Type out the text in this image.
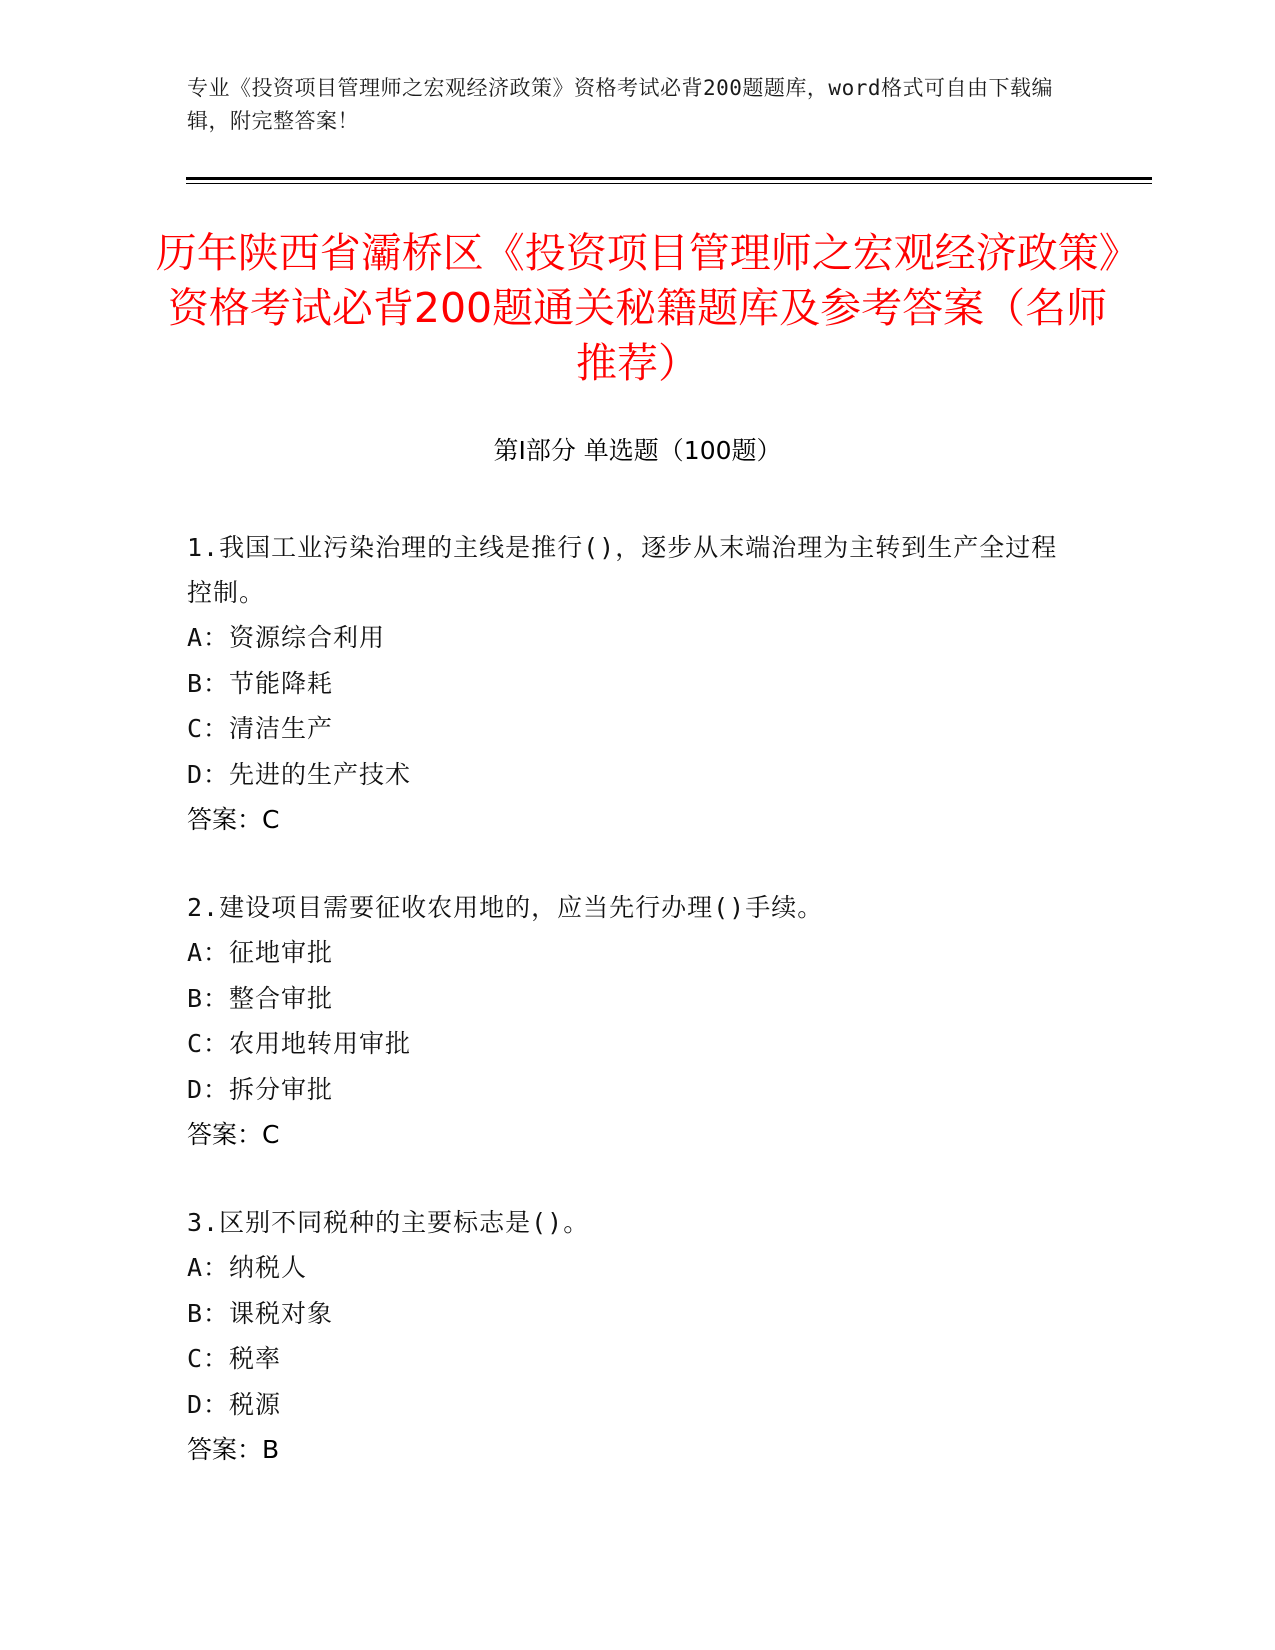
专业《投资项目管理师之宏观经济政策》资格考试必背200题题库，word格式可自由下载编辑，附完整答案！
历年陕西省灞桥区《投资项目管理师之宏观经济政策》资格考试必背200题通关秘籍题库及参考答案（名师推荐）
第Ⅰ部分 单选题（100题）
1.我国工业污染治理的主线是推行()，逐步从末端治理为主转到生产全过程控制。
A：资源综合利用
B：节能降耗
C：清洁生产
D：先进的生产技术
答案：C
2.建设项目需要征收农用地的，应当先行办理()手续。
A：征地审批
B：整合审批
C：农用地转用审批
D：拆分审批
答案：C
3.区别不同税种的主要标志是()。
A：纳税人
B：课税对象
C：税率
D：税源
答案：B
